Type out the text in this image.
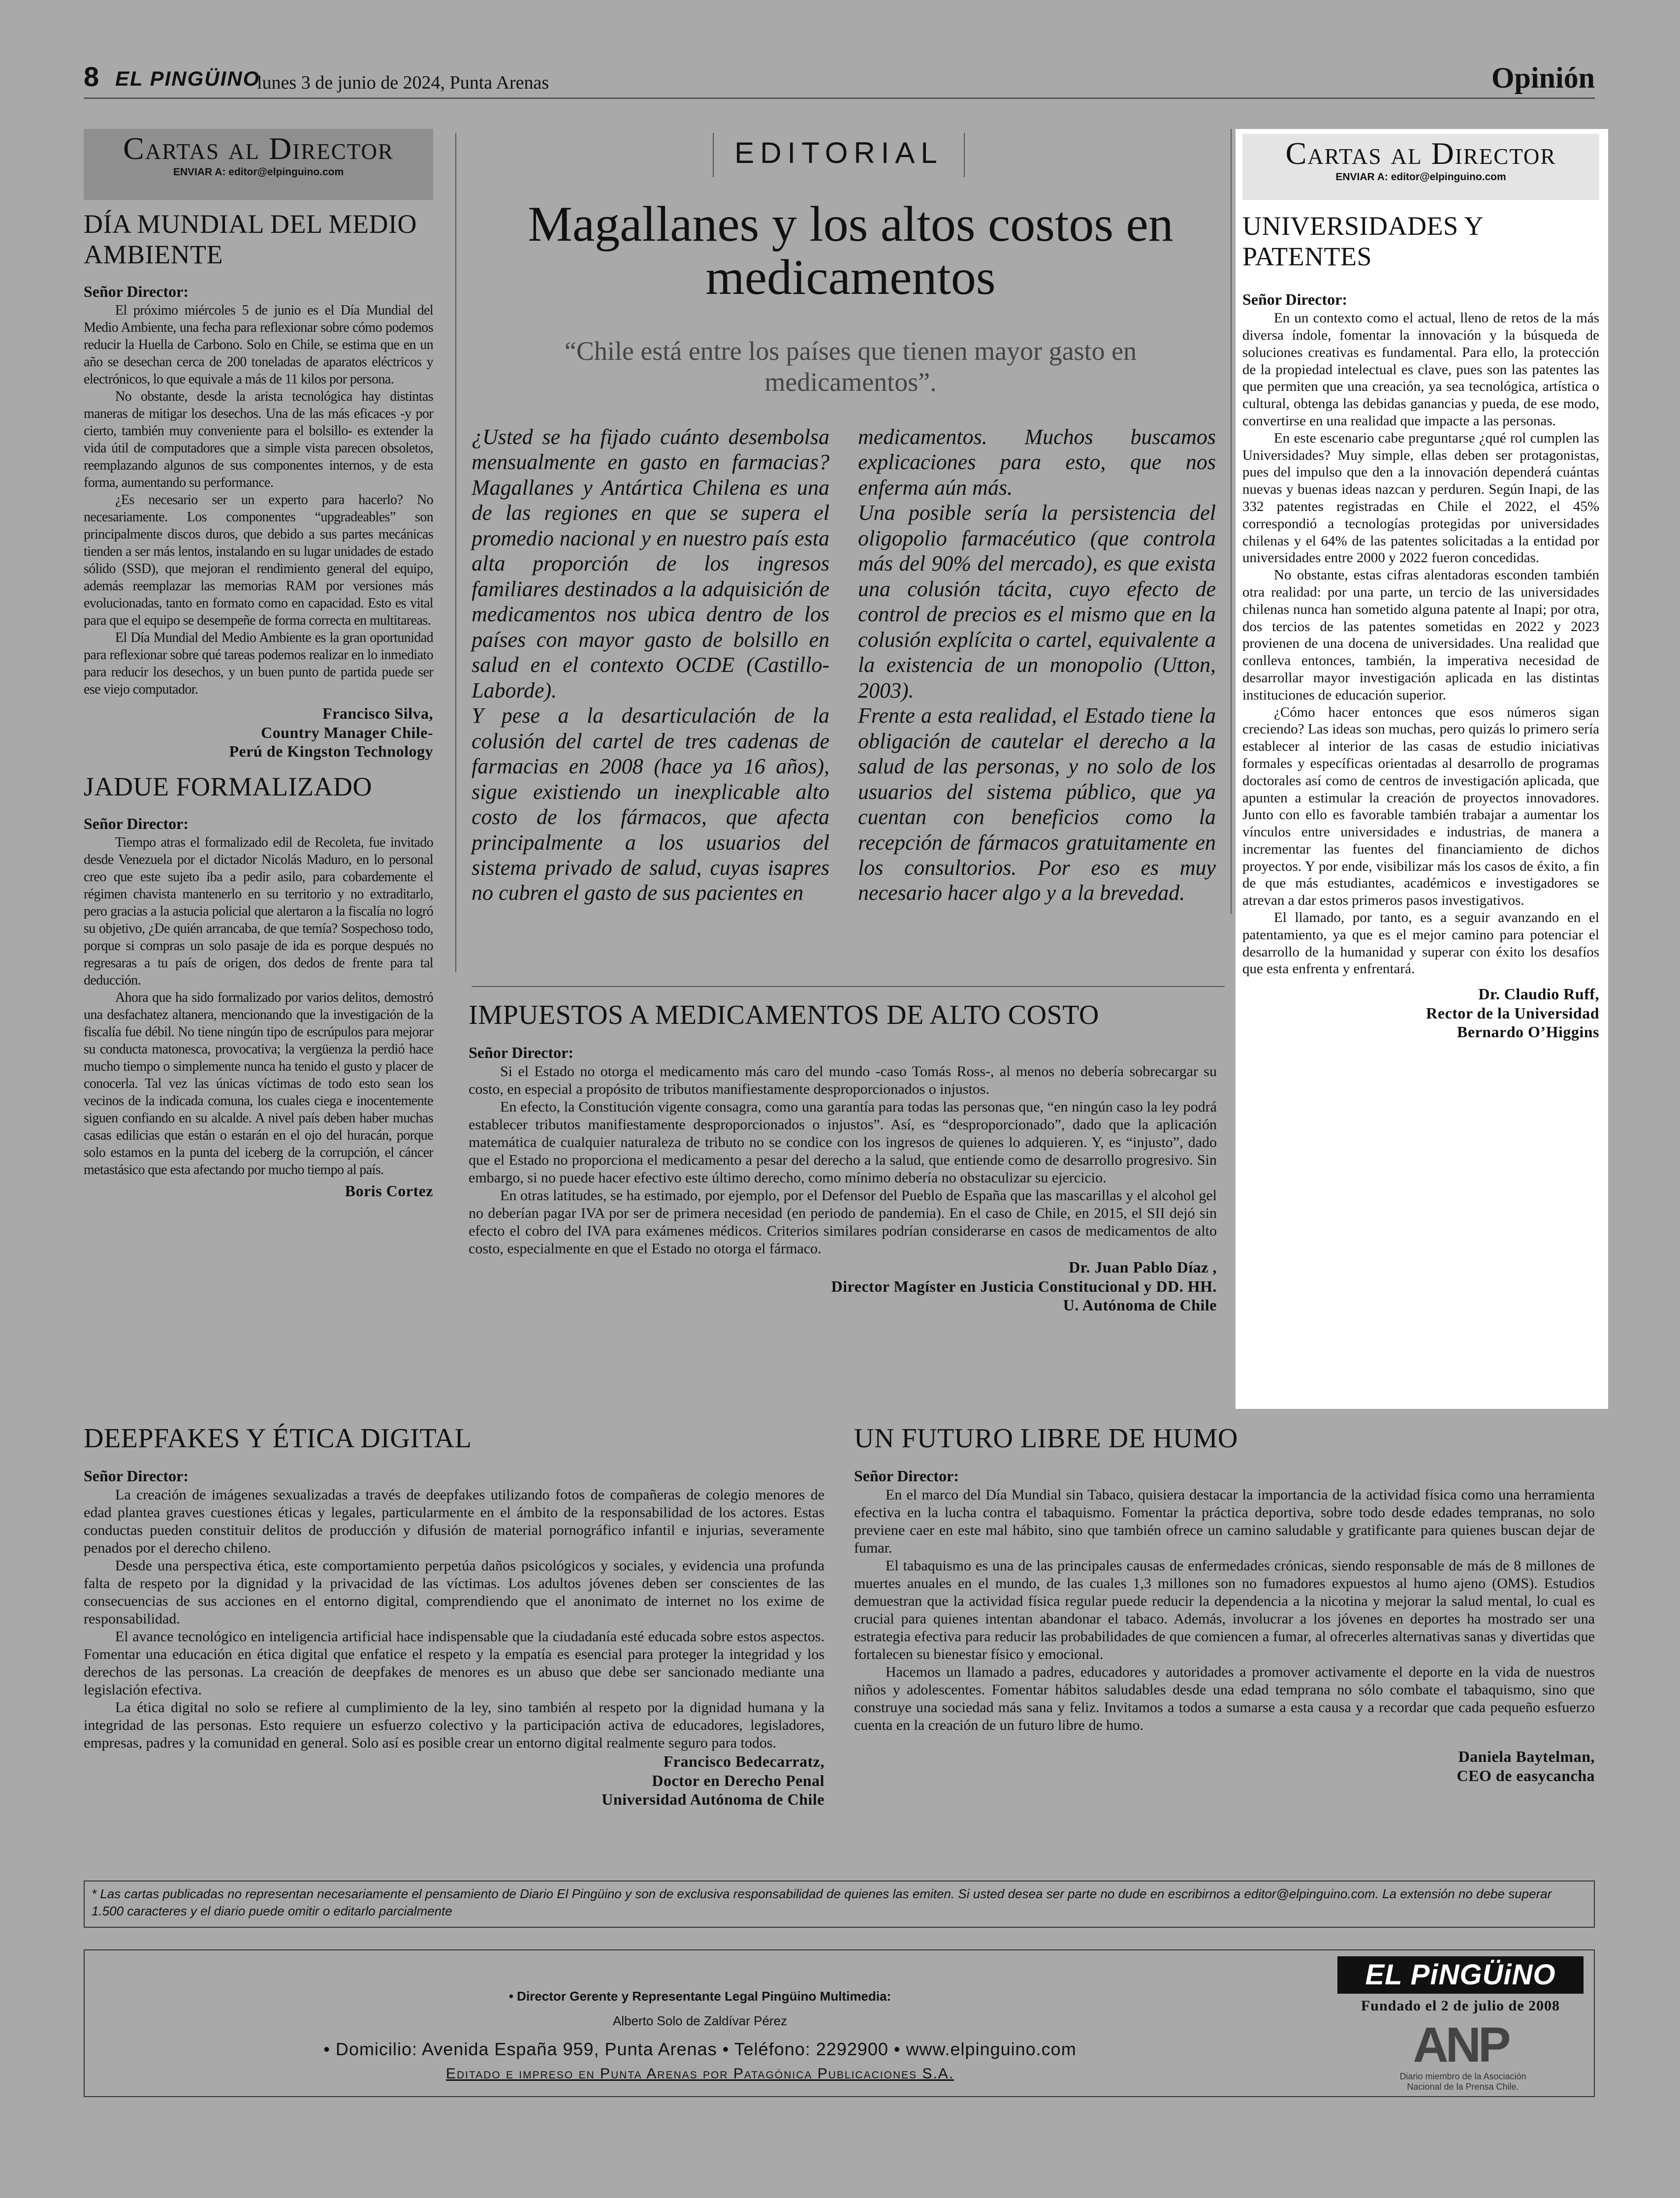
8 EL PINGÜINO
lunes 3 de junio de 2024, Punta Arenas	Opinión
Cartas al Director
ENVIAR A: editor@elpinguino.com
DÍA MUNDIAL DEL MEDIO AMBIENTE
Señor Director:

El próximo miércoles 5 de junio es el Día Mundial del Medio Ambiente, una fecha para reflexionar sobre cómo podemos reducir la Huella de Carbono. Solo en Chile, se estima que en un año se desechan cerca de 200 toneladas de aparatos eléctricos y electrónicos, lo que equivale a más de 11 kilos por persona.

No obstante, desde la arista tecnológica hay distintas maneras de mitigar los desechos. Una de las más eficaces -y por cierto, también muy conveniente para el bolsillo- es extender la vida útil de computadores que a simple vista parecen obsoletos, reemplazando algunos de sus componentes internos, y de esta forma, aumentando su performance.

¿Es necesario ser un experto para hacerlo? No necesariamente. Los componentes “upgradeables” son principalmente discos duros, que debido a sus partes mecánicas tienden a ser más lentos, instalando en su lugar unidades de estado sólido (SSD), que mejoran el rendimiento general del equipo, además reemplazar las memorias RAM por versiones más evolucionadas, tanto en formato como en capacidad. Esto es vital para que el equipo se desempeñe de forma correcta en multitareas.

El Día Mundial del Medio Ambiente es la gran oportunidad para reflexionar sobre qué tareas podemos realizar en lo inmediato para reducir los desechos, y un buen punto de partida puede ser ese viejo computador.

Francisco Silva,
Country Manager Chile-
Perú de Kingston Technology
JADUE FORMALIZADO
Señor Director:

Tiempo atras el formalizado edil de Recoleta, fue invitado desde Venezuela por el dictador Nicolás Maduro, en lo personal creo que este sujeto iba a pedir asilo, para cobardemente el régimen chavista mantenerlo en su territorio y no extraditarlo, pero gracias a la astucia policial que alertaron a la fiscalía no logró su objetivo, ¿De quién arrancaba, de que temía? Sospechoso todo, porque si compras un solo pasaje de ida es porque después no regresaras a tu país de origen, dos dedos de frente para tal deducción.

Ahora que ha sido formalizado por varios delitos, demostró una desfachatez altanera, mencionando que la investigación de la fiscalía fue débil. No tiene ningún tipo de escrúpulos para mejorar su conducta matonesca, provocativa; la vergüenza la perdió hace mucho tiempo o simplemente nunca ha tenido el gusto y placer de conocerla. Tal vez las únicas víctimas de todo esto sean los vecinos de la indicada comuna, los cuales ciega e inocentemente siguen confiando en su alcalde. A nivel país deben haber muchas casas edilicias que están o estarán en el ojo del huracán, porque solo estamos en la punta del iceberg de la corrupción, el cáncer metastásico que esta afectando por mucho tiempo al país.

Boris Cortez
EDITORIAL
Magallanes y los altos costos en medicamentos
“Chile está entre los países que tienen mayor gasto en medicamentos”.

¿Usted se ha fijado cuánto desembolsa mensualmente en gasto en farmacias? Magallanes y Antártica Chilena es una de las regiones en que se supera el promedio nacional y en nuestro país esta alta proporción de los ingresos familiares destinados a la adquisición de medicamentos nos ubica dentro de los países con mayor gasto de bolsillo en salud en el contexto OCDE (Castillo-Laborde).

Y pese a la desarticulación de la colusión del cartel de tres cadenas de farmacias en 2008 (hace ya 16 años), sigue existiendo un inexplicable alto costo de los fármacos, que afecta principalmente a los usuarios del sistema privado de salud, cuyas isapres no cubren el gasto de sus pacientes en

medicamentos. Muchos buscamos explicaciones para esto, que nos enferma aún más.

Una posible sería la persistencia del oligopolio farmacéutico (que controla más del 90% del mercado), es que exista una colusión tácita, cuyo efecto de control de precios es el mismo que en la colusión explícita o cartel, equivalente a la existencia de un monopolio (Utton, 2003).

Frente a esta realidad, el Estado tiene la obligación de cautelar el derecho a la salud de las personas, y no solo de los usuarios del sistema público, que ya cuentan con beneficios como la recepción de fármacos gratuitamente en los consultorios. Por eso es muy necesario hacer algo y a la brevedad.

IMPUESTOS A MEDICAMENTOS DE ALTO COSTO
Señor Director:

Si el Estado no otorga el medicamento más caro del mundo -caso Tomás Ross-, al menos no debería sobrecargar su costo, en especial a propósito de tributos manifiestamente desproporcionados o injustos.

En efecto, la Constitución vigente consagra, como una garantía para todas las personas que, “en ningún caso la ley podrá establecer tributos manifiestamente desproporcionados o injustos”. Así, es “desproporcionado”, dado que la aplicación matemática de cualquier naturaleza de tributo no se condice con los ingresos de quienes lo adquieren. Y, es “injusto”, dado que el Estado no proporciona el medicamento a pesar del derecho a la salud, que entiende como de desarrollo progresivo. Sin embargo, si no puede hacer efectivo este último derecho, como mínimo debería no obstaculizar su ejercicio.

En otras latitudes, se ha estimado, por ejemplo, por el Defensor del Pueblo de España que las mascarillas y el alcohol gel no deberían pagar IVA por ser de primera necesidad (en periodo de pandemia). En el caso de Chile, en 2015, el SII dejó sin efecto el cobro del IVA para exámenes médicos. Criterios similares podrían considerarse en casos de medicamentos de alto costo, especialmente en que el Estado no otorga el fármaco.

Dr. Juan Pablo Díaz ,
Director Magíster en Justicia Constitucional y DD. HH.
U. Autónoma de Chile
Cartas al Director
ENVIAR A: editor@elpinguino.com
UNIVERSIDADES Y PATENTES
Señor Director:

En un contexto como el actual, lleno de retos de la más diversa índole, fomentar la innovación y la búsqueda de soluciones creativas es fundamental. Para ello, la protección de la propiedad intelectual es clave, pues son las patentes las que permiten que una creación, ya sea tecnológica, artística o cultural, obtenga las debidas ganancias y pueda, de ese modo, convertirse en una realidad que impacte a las personas.

En este escenario cabe preguntarse ¿qué rol cumplen las Universidades? Muy simple, ellas deben ser protagonistas, pues del impulso que den a la innovación dependerá cuántas nuevas y buenas ideas nazcan y perduren. Según Inapi, de las 332 patentes registradas en Chile el 2022, el 45% correspondió a tecnologías protegidas por universidades chilenas y el 64% de las patentes solicitadas a la entidad por universidades entre 2000 y 2022 fueron concedidas.

No obstante, estas cifras alentadoras esconden también otra realidad: por una parte, un tercio de las universidades chilenas nunca han sometido alguna patente al Inapi; por otra, dos tercios de las patentes sometidas en 2022 y 2023 provienen de una docena de universidades. Una realidad que conlleva entonces, también, la imperativa necesidad de desarrollar mayor investigación aplicada en las distintas instituciones de educación superior.

¿Cómo hacer entonces que esos números sigan creciendo? Las ideas son muchas, pero quizás lo primero sería establecer al interior de las casas de estudio iniciativas formales y específicas orientadas al desarrollo de programas doctorales así como de centros de investigación aplicada, que apunten a estimular la creación de proyectos innovadores. Junto con ello es favorable también trabajar a aumentar los vínculos entre universidades e industrias, de manera a incrementar las fuentes del financiamiento de dichos proyectos. Y por ende, visibilizar más los casos de éxito, a fin de que más estudiantes, académicos e investigadores se atrevan a dar estos primeros pasos investigativos.

El llamado, por tanto, es a seguir avanzando en el patentamiento, ya que es el mejor camino para potenciar el desarrollo de la humanidad y superar con éxito los desafíos que esta enfrenta y enfrentará.

Dr. Claudio Ruff,
Rector de la Universidad
Bernardo O’Higgins
DEEPFAKES Y ÉTICA DIGITAL
Señor Director:

La creación de imágenes sexualizadas a través de deepfakes utilizando fotos de compañeras de colegio menores de edad plantea graves cuestiones éticas y legales, particularmente en el ámbito de la responsabilidad de los actores. Estas conductas pueden constituir delitos de producción y difusión de material pornográfico infantil e injurias, severamente penados por el derecho chileno.

Desde una perspectiva ética, este comportamiento perpetúa daños psicológicos y sociales, y evidencia una profunda falta de respeto por la dignidad y la privacidad de las víctimas. Los adultos jóvenes deben ser conscientes de las consecuencias de sus acciones en el entorno digital, comprendiendo que el anonimato de internet no los exime de responsabilidad.

El avance tecnológico en inteligencia artificial hace indispensable que la ciudadanía esté educada sobre estos aspectos. Fomentar una educación en ética digital que enfatice el respeto y la empatía es esencial para proteger la integridad y los derechos de las personas. La creación de deepfakes de menores es un abuso que debe ser sancionado mediante una legislación efectiva.

La ética digital no solo se refiere al cumplimiento de la ley, sino también al respeto por la dignidad humana y la integridad de las personas. Esto requiere un esfuerzo colectivo y la participación activa de educadores, legisladores, empresas, padres y la comunidad en general. Solo así es posible crear un entorno digital realmente seguro para todos.

Francisco Bedecarratz,
Doctor en Derecho Penal
Universidad Autónoma de Chile
UN FUTURO LIBRE DE HUMO
Señor Director:

En el marco del Día Mundial sin Tabaco, quisiera destacar la importancia de la actividad física como una herramienta efectiva en la lucha contra el tabaquismo. Fomentar la práctica deportiva, sobre todo desde edades tempranas, no solo previene caer en este mal hábito, sino que también ofrece un camino saludable y gratificante para quienes buscan dejar de fumar.

El tabaquismo es una de las principales causas de enfermedades crónicas, siendo responsable de más de 8 millones de muertes anuales en el mundo, de las cuales 1,3 millones son no fumadores expuestos al humo ajeno (OMS). Estudios demuestran que la actividad física regular puede reducir la dependencia a la nicotina y mejorar la salud mental, lo cual es crucial para quienes intentan abandonar el tabaco. Además, involucrar a los jóvenes en deportes ha mostrado ser una estrategia efectiva para reducir las probabilidades de que comiencen a fumar, al ofrecerles alternativas sanas y divertidas que fortalecen su bienestar físico y emocional.

Hacemos un llamado a padres, educadores y autoridades a promover activamente el deporte en la vida de nuestros niños y adolescentes. Fomentar hábitos saludables desde una edad temprana no sólo combate el tabaquismo, sino que construye una sociedad más sana y feliz. Invitamos a todos a sumarse a esta causa y a recordar que cada pequeño esfuerzo cuenta en la creación de un futuro libre de humo.

Daniela Baytelman,
CEO de easycancha
* Las cartas publicadas no representan necesariamente el pensamiento de Diario El Pingüino y son de exclusiva responsabilidad de quienes las emiten. Si usted desea ser parte no dude en escribirnos a editor@elpinguino.com. La extensión no debe superar 1.500 caracteres y el diario puede omitir o editarlo parcialmente
• Director Gerente y Representante Legal Pingüino Multimedia:
Alberto Solo de Zaldívar Pérez
• Domicilio: Avenida España 959, Punta Arenas • Teléfono: 2292900 • www.elpinguino.com
Editado e impreso en Punta Arenas por Patagónica Publicaciones S.A.
EL PiNGÜiNO
Fundado el 2 de julio de 2008
ANP
Diario miembro de la Asociación Nacional de la Prensa Chile.
